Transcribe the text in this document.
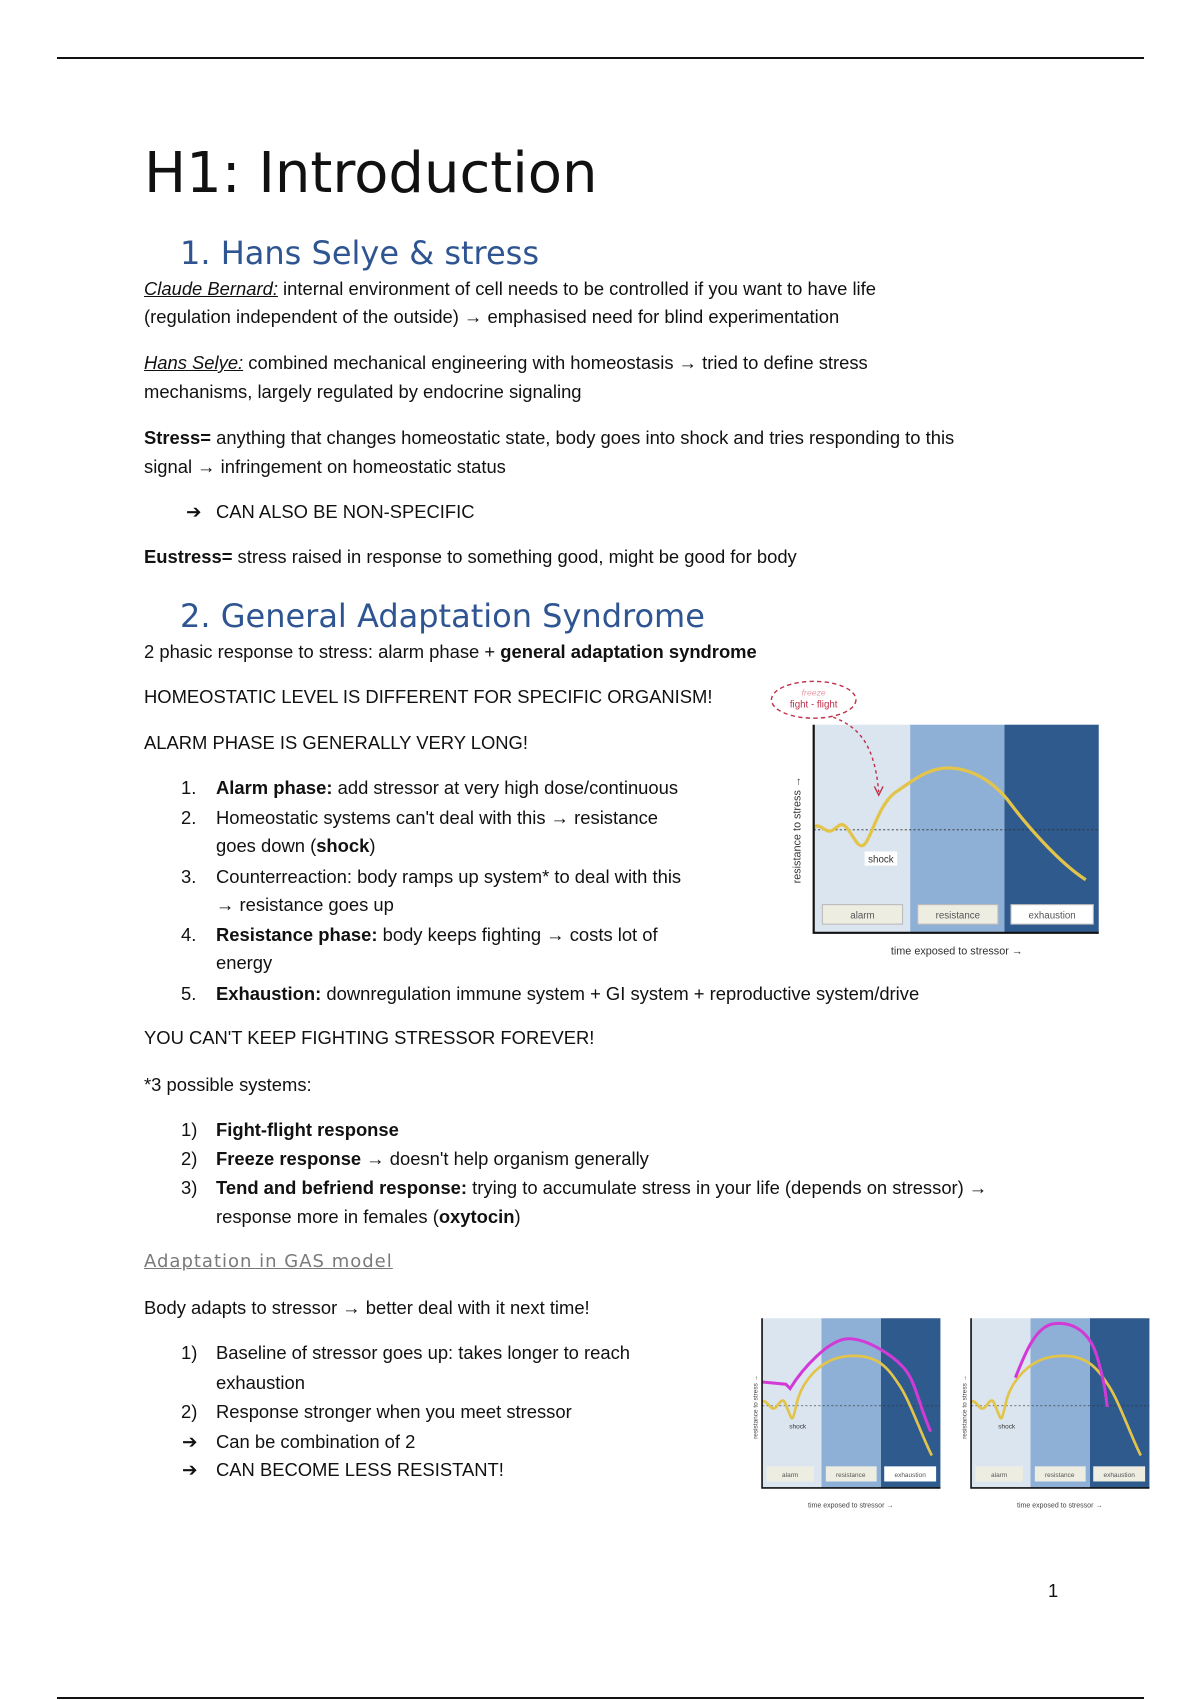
H1: Introduction
1. Hans Selye & stress
Claude Bernard: internal environment of cell needs to be controlled if you want to have life
(regulation independent of the outside) → emphasised need for blind experimentation
Hans Selye: combined mechanical engineering with homeostasis → tried to define stress
mechanisms, largely regulated by endocrine signaling
Stress= anything that changes homeostatic state, body goes into shock and tries responding to this
signal → infringement on homeostatic status
➔ CAN ALSO BE NON-SPECIFIC
Eustress= stress raised in response to something good, might be good for body
2. General Adaptation Syndrome
2 phasic response to stress: alarm phase + general adaptation syndrome
HOMEOSTATIC LEVEL IS DIFFERENT FOR SPECIFIC ORGANISM!
ALARM PHASE IS GENERALLY VERY LONG!
1. Alarm phase: add stressor at very high dose/continuous
2. Homeostatic systems can't deal with this → resistance
goes down (shock)
3. Counterreaction: body ramps up system* to deal with this
→ resistance goes up
4. Resistance phase: body keeps fighting → costs lot of
energy
5. Exhaustion: downregulation immune system + GI system + reproductive system/drive
YOU CAN'T KEEP FIGHTING STRESSOR FOREVER!
*3 possible systems:
1) Fight-flight response
2) Freeze response → doesn't help organism generally
3) Tend and befriend response: trying to accumulate stress in your life (depends on stressor) →
response more in females (oxytocin)
Adaptation in GAS model
Body adapts to stressor → better deal with it next time!
1) Baseline of stressor goes up: takes longer to reach
exhaustion
2) Response stronger when you meet stressor
➔ Can be combination of 2
➔ CAN BECOME LESS RESISTANT!
shock
alarm	resistance	exhaustion
time exposed to stressor →
resistance to stress →
freeze
fight - flight
shock
alarm	resistance	exhaustion
time exposed to stressor →
resistance to stress →	shock
alarm	resistance	exhaustion
time exposed to stressor →
resistance to stress →
1
